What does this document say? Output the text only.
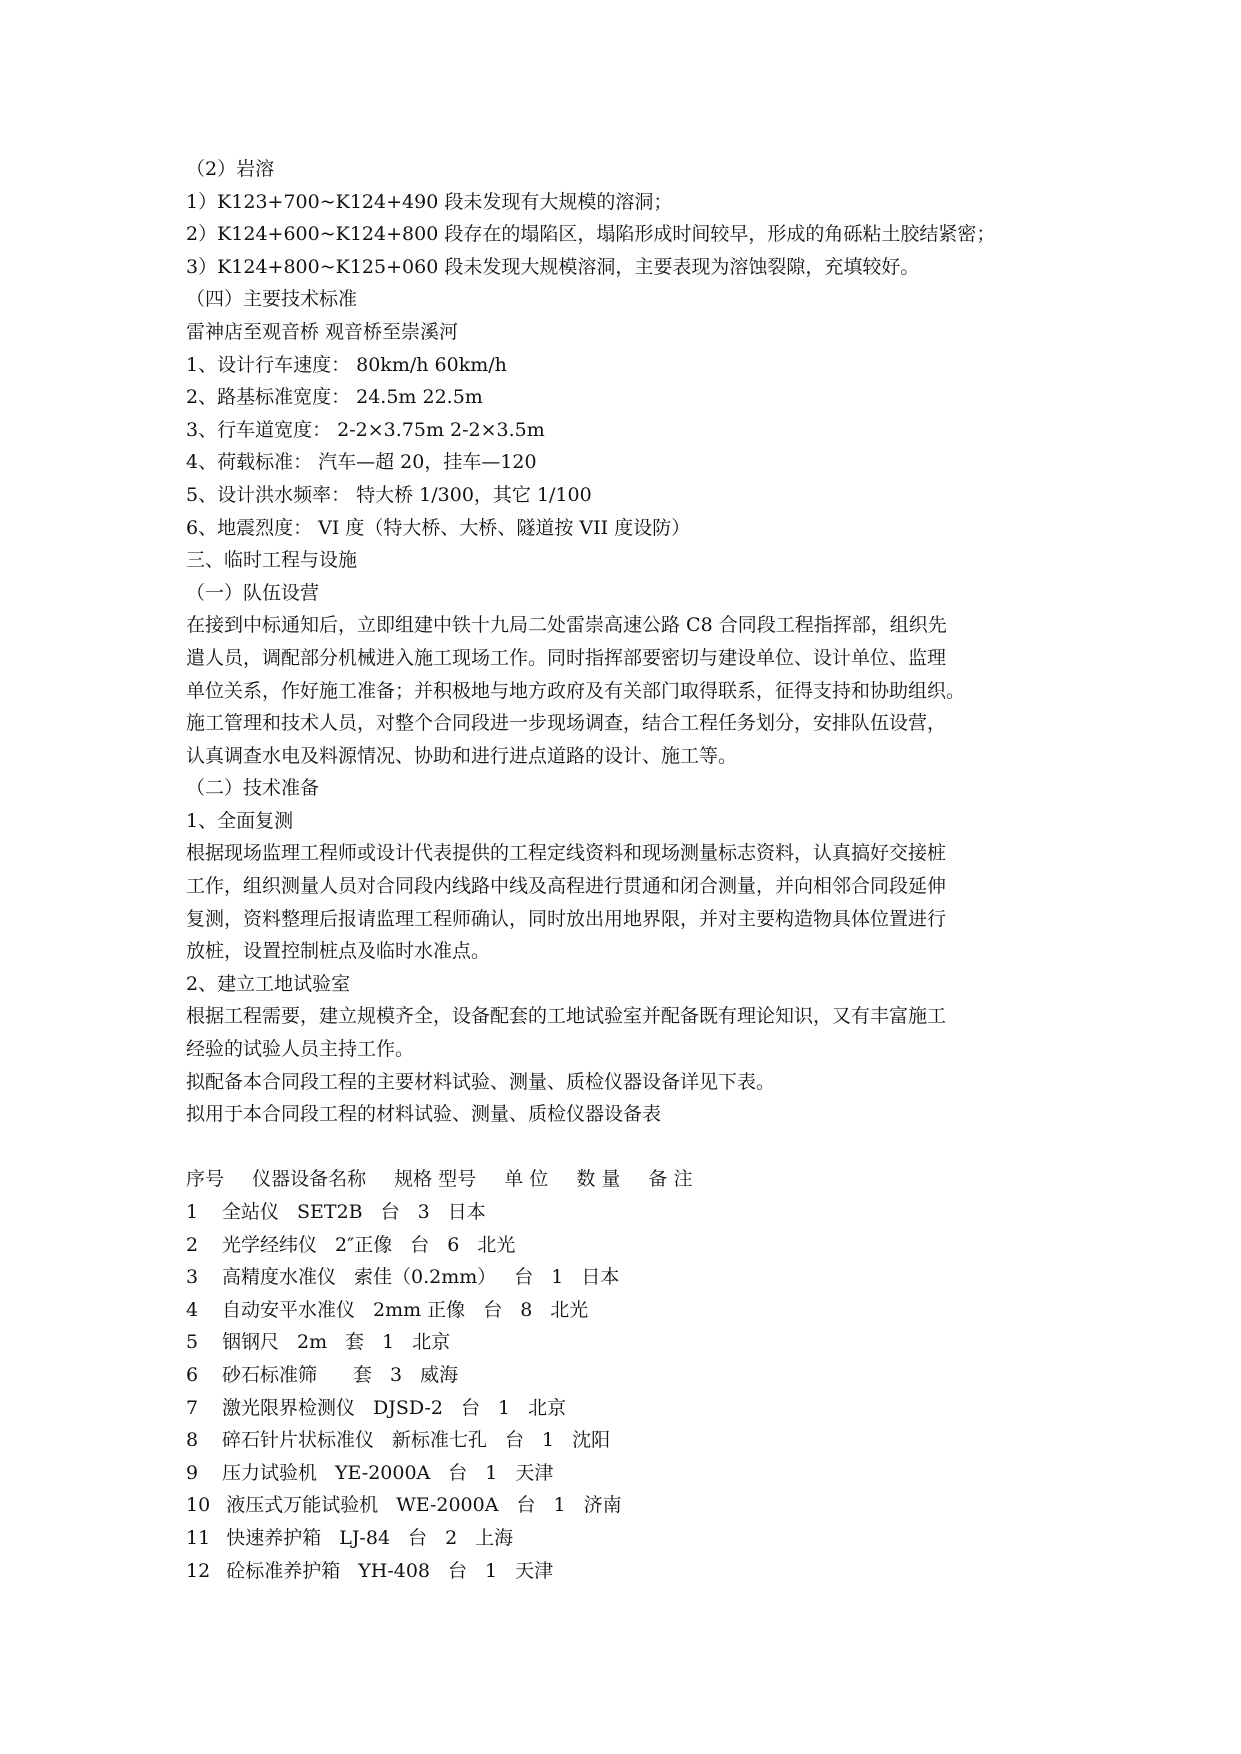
（2）岩溶
1）K123+700~K124+490 段未发现有大规模的溶洞；
2）K124+600~K124+800 段存在的塌陷区，塌陷形成时间较早，形成的角砾粘土胶结紧密；
3）K124+800~K125+060 段未发现大规模溶洞，主要表现为溶蚀裂隙，充填较好。
（四）主要技术标准
雷神店至观音桥 观音桥至崇溪河
1、设计行车速度： 80km/h 60km/h
2、路基标准宽度： 24.5m 22.5m
3、行车道宽度： 2-2×3.75m 2-2×3.5m
4、荷载标准： 汽车—超 20，挂车—120
5、设计洪水频率： 特大桥 1/300，其它 1/100
6、地震烈度： VI 度（特大桥、大桥、隧道按 VII 度设防）
三、临时工程与设施
（一）队伍设营
在接到中标通知后，立即组建中铁十九局二处雷崇高速公路 C8 合同段工程指挥部，组织先
遣人员，调配部分机械进入施工现场工作。同时指挥部要密切与建设单位、设计单位、监理
单位关系，作好施工准备；并积极地与地方政府及有关部门取得联系，征得支持和协助组织。
施工管理和技术人员，对整个合同段进一步现场调查，结合工程任务划分，安排队伍设营，
认真调查水电及料源情况、协助和进行进点道路的设计、施工等。
（二）技术准备
1、全面复测
根据现场监理工程师或设计代表提供的工程定线资料和现场测量标志资料，认真搞好交接桩
工作，组织测量人员对合同段内线路中线及高程进行贯通和闭合测量，并向相邻合同段延伸
复测，资料整理后报请监理工程师确认，同时放出用地界限，并对主要构造物具体位置进行
放桩，设置控制桩点及临时水准点。
2、建立工地试验室
根据工程需要，建立规模齐全，设备配套的工地试验室并配备既有理论知识，又有丰富施工
经验的试验人员主持工作。
拟配备本合同段工程的主要材料试验、测量、质检仪器设备详见下表。
拟用于本合同段工程的材料试验、测量、质检仪器设备表
序号 仪器设备名称 规格 型号 单 位 数 量 备 注
1 全站仪 SET2B 台 3 日本
2 光学经纬仪 2″正像 台 6 北光
3 高精度水准仪 索佳（0.2mm） 台 1 日本
4 自动安平水准仪 2mm 正像 台 8 北光
5 铟钢尺 2m 套 1 北京
6 砂石标准筛 套 3 威海
7 激光限界检测仪 DJSD-2 台 1 北京
8 碎石针片状标准仪 新标准七孔 台 1 沈阳
9 压力试验机 YE-2000A 台 1 天津
10 液压式万能试验机 WE-2000A 台 1 济南
11 快速养护箱 LJ-84 台 2 上海
12 砼标准养护箱 YH-408 台 1 天津
